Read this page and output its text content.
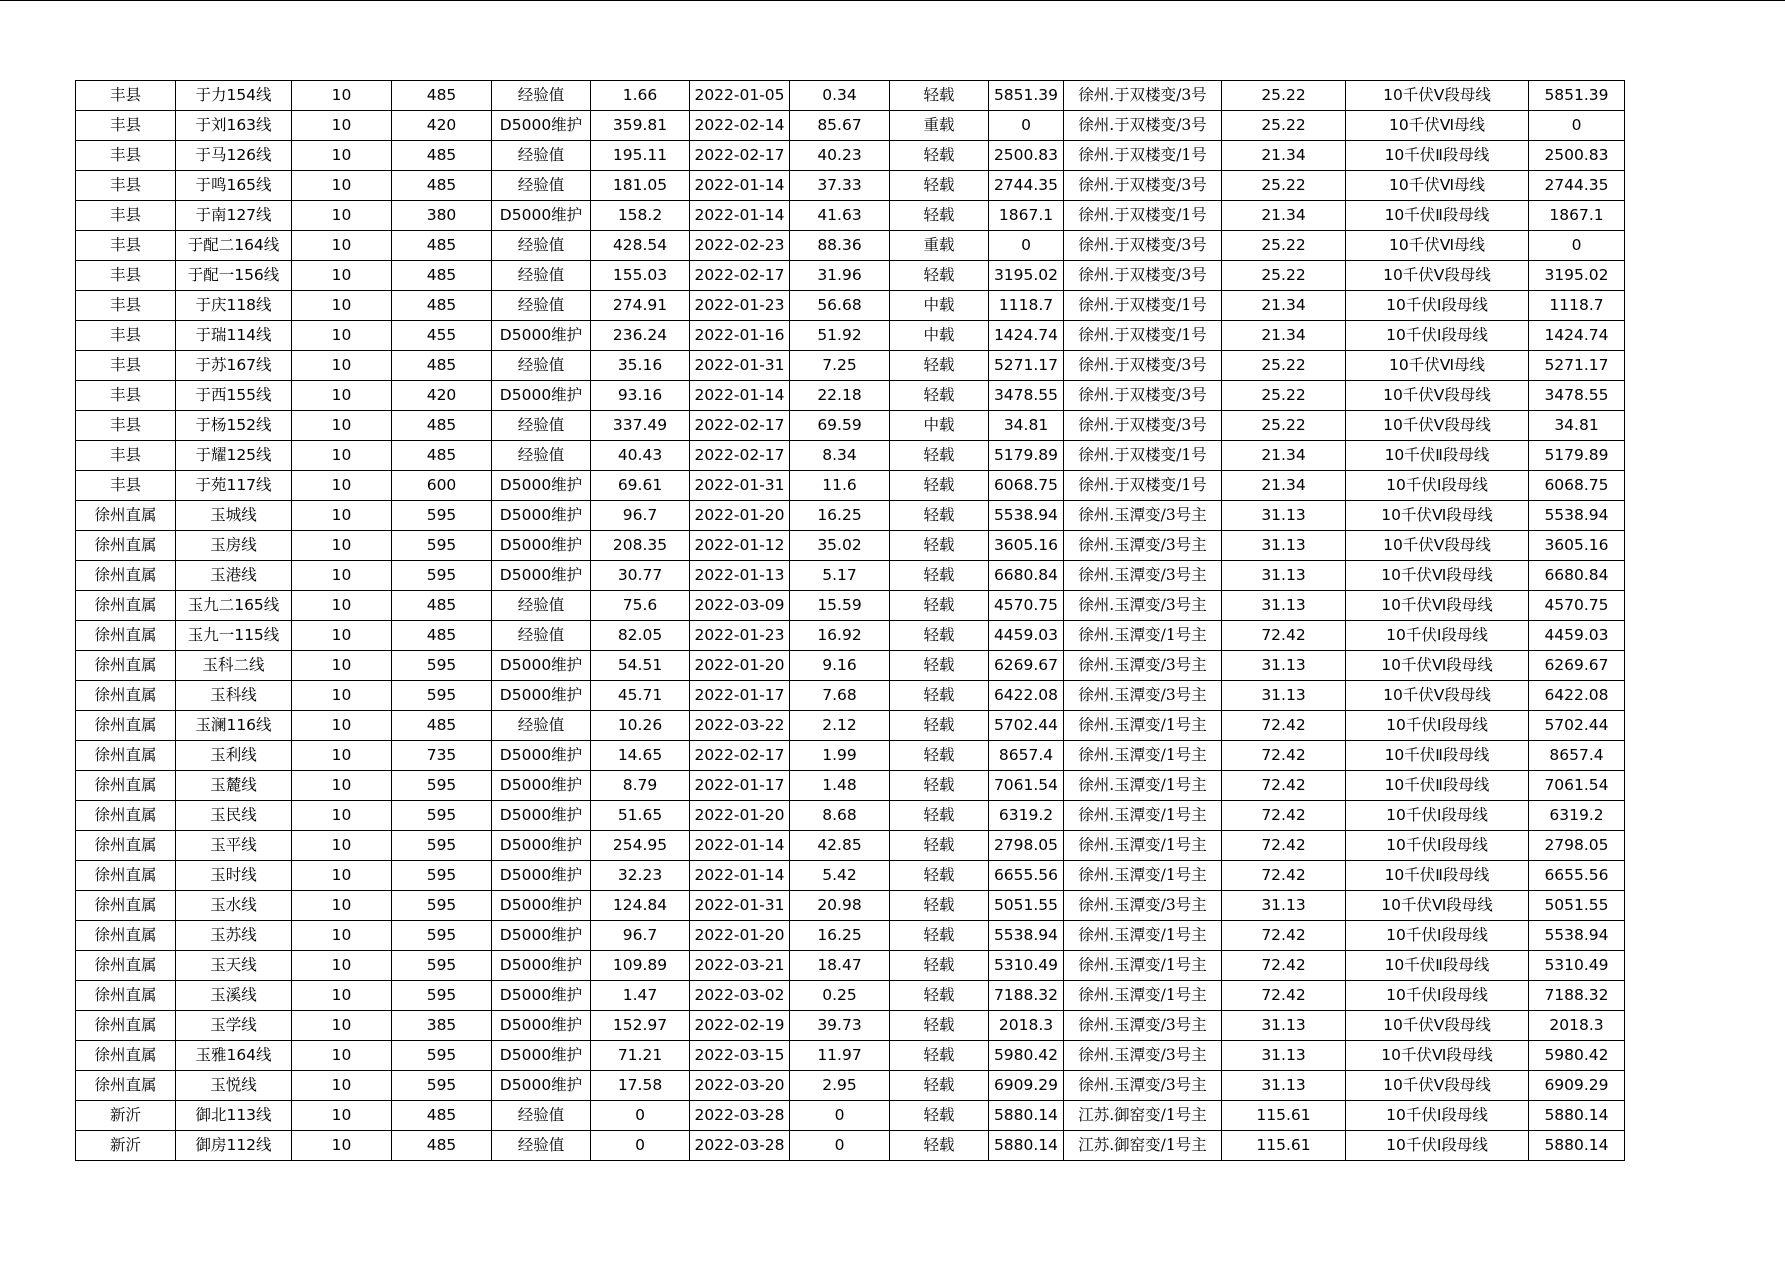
丰县	于力154线	10	485	经验值	1.66	2022-01-05	0.34	轻载	5851.39	徐州.于双楼变/3号	25.22	10千伏Ⅴ段母线	5851.39
丰县	于刘163线	10	420	D5000维护	359.81	2022-02-14	85.67	重载	0	徐州.于双楼变/3号	25.22	10千伏Ⅵ母线	0
丰县	于马126线	10	485	经验值	195.11	2022-02-17	40.23	轻载	2500.83	徐州.于双楼变/1号	21.34	10千伏Ⅱ段母线	2500.83
丰县	于鸣165线	10	485	经验值	181.05	2022-01-14	37.33	轻载	2744.35	徐州.于双楼变/3号	25.22	10千伏Ⅵ母线	2744.35
丰县	于南127线	10	380	D5000维护	158.2	2022-01-14	41.63	轻载	1867.1	徐州.于双楼变/1号	21.34	10千伏Ⅱ段母线	1867.1
丰县	于配二164线	10	485	经验值	428.54	2022-02-23	88.36	重载	0	徐州.于双楼变/3号	25.22	10千伏Ⅵ母线	0
丰县	于配一156线	10	485	经验值	155.03	2022-02-17	31.96	轻载	3195.02	徐州.于双楼变/3号	25.22	10千伏Ⅴ段母线	3195.02
丰县	于庆118线	10	485	经验值	274.91	2022-01-23	56.68	中载	1118.7	徐州.于双楼变/1号	21.34	10千伏Ⅰ段母线	1118.7
丰县	于瑞114线	10	455	D5000维护	236.24	2022-01-16	51.92	中载	1424.74	徐州.于双楼变/1号	21.34	10千伏Ⅰ段母线	1424.74
丰县	于苏167线	10	485	经验值	35.16	2022-01-31	7.25	轻载	5271.17	徐州.于双楼变/3号	25.22	10千伏Ⅵ母线	5271.17
丰县	于西155线	10	420	D5000维护	93.16	2022-01-14	22.18	轻载	3478.55	徐州.于双楼变/3号	25.22	10千伏Ⅴ段母线	3478.55
丰县	于杨152线	10	485	经验值	337.49	2022-02-17	69.59	中载	34.81	徐州.于双楼变/3号	25.22	10千伏Ⅴ段母线	34.81
丰县	于耀125线	10	485	经验值	40.43	2022-02-17	8.34	轻载	5179.89	徐州.于双楼变/1号	21.34	10千伏Ⅱ段母线	5179.89
丰县	于苑117线	10	600	D5000维护	69.61	2022-01-31	11.6	轻载	6068.75	徐州.于双楼变/1号	21.34	10千伏Ⅰ段母线	6068.75
徐州直属	玉城线	10	595	D5000维护	96.7	2022-01-20	16.25	轻载	5538.94	徐州.玉潭变/3号主	31.13	10千伏Ⅵ段母线	5538.94
徐州直属	玉房线	10	595	D5000维护	208.35	2022-01-12	35.02	轻载	3605.16	徐州.玉潭变/3号主	31.13	10千伏Ⅴ段母线	3605.16
徐州直属	玉港线	10	595	D5000维护	30.77	2022-01-13	5.17	轻载	6680.84	徐州.玉潭变/3号主	31.13	10千伏Ⅵ段母线	6680.84
徐州直属	玉九二165线	10	485	经验值	75.6	2022-03-09	15.59	轻载	4570.75	徐州.玉潭变/3号主	31.13	10千伏Ⅵ段母线	4570.75
徐州直属	玉九一115线	10	485	经验值	82.05	2022-01-23	16.92	轻载	4459.03	徐州.玉潭变/1号主	72.42	10千伏Ⅰ段母线	4459.03
徐州直属	玉科二线	10	595	D5000维护	54.51	2022-01-20	9.16	轻载	6269.67	徐州.玉潭变/3号主	31.13	10千伏Ⅵ段母线	6269.67
徐州直属	玉科线	10	595	D5000维护	45.71	2022-01-17	7.68	轻载	6422.08	徐州.玉潭变/3号主	31.13	10千伏Ⅴ段母线	6422.08
徐州直属	玉澜116线	10	485	经验值	10.26	2022-03-22	2.12	轻载	5702.44	徐州.玉潭变/1号主	72.42	10千伏Ⅰ段母线	5702.44
徐州直属	玉利线	10	735	D5000维护	14.65	2022-02-17	1.99	轻载	8657.4	徐州.玉潭变/1号主	72.42	10千伏Ⅱ段母线	8657.4
徐州直属	玉麓线	10	595	D5000维护	8.79	2022-01-17	1.48	轻载	7061.54	徐州.玉潭变/1号主	72.42	10千伏Ⅱ段母线	7061.54
徐州直属	玉民线	10	595	D5000维护	51.65	2022-01-20	8.68	轻载	6319.2	徐州.玉潭变/1号主	72.42	10千伏Ⅰ段母线	6319.2
徐州直属	玉平线	10	595	D5000维护	254.95	2022-01-14	42.85	轻载	2798.05	徐州.玉潭变/1号主	72.42	10千伏Ⅰ段母线	2798.05
徐州直属	玉时线	10	595	D5000维护	32.23	2022-01-14	5.42	轻载	6655.56	徐州.玉潭变/1号主	72.42	10千伏Ⅱ段母线	6655.56
徐州直属	玉水线	10	595	D5000维护	124.84	2022-01-31	20.98	轻载	5051.55	徐州.玉潭变/3号主	31.13	10千伏Ⅵ段母线	5051.55
徐州直属	玉苏线	10	595	D5000维护	96.7	2022-01-20	16.25	轻载	5538.94	徐州.玉潭变/1号主	72.42	10千伏Ⅰ段母线	5538.94
徐州直属	玉天线	10	595	D5000维护	109.89	2022-03-21	18.47	轻载	5310.49	徐州.玉潭变/1号主	72.42	10千伏Ⅱ段母线	5310.49
徐州直属	玉溪线	10	595	D5000维护	1.47	2022-03-02	0.25	轻载	7188.32	徐州.玉潭变/1号主	72.42	10千伏Ⅰ段母线	7188.32
徐州直属	玉学线	10	385	D5000维护	152.97	2022-02-19	39.73	轻载	2018.3	徐州.玉潭变/3号主	31.13	10千伏Ⅴ段母线	2018.3
徐州直属	玉雅164线	10	595	D5000维护	71.21	2022-03-15	11.97	轻载	5980.42	徐州.玉潭变/3号主	31.13	10千伏Ⅵ段母线	5980.42
徐州直属	玉悦线	10	595	D5000维护	17.58	2022-03-20	2.95	轻载	6909.29	徐州.玉潭变/3号主	31.13	10千伏Ⅴ段母线	6909.29
新沂	御北113线	10	485	经验值	0	2022-03-28	0	轻载	5880.14	江苏.御窑变/1号主	115.61	10千伏Ⅰ段母线	5880.14
新沂	御房112线	10	485	经验值	0	2022-03-28	0	轻载	5880.14	江苏.御窑变/1号主	115.61	10千伏Ⅰ段母线	5880.14
